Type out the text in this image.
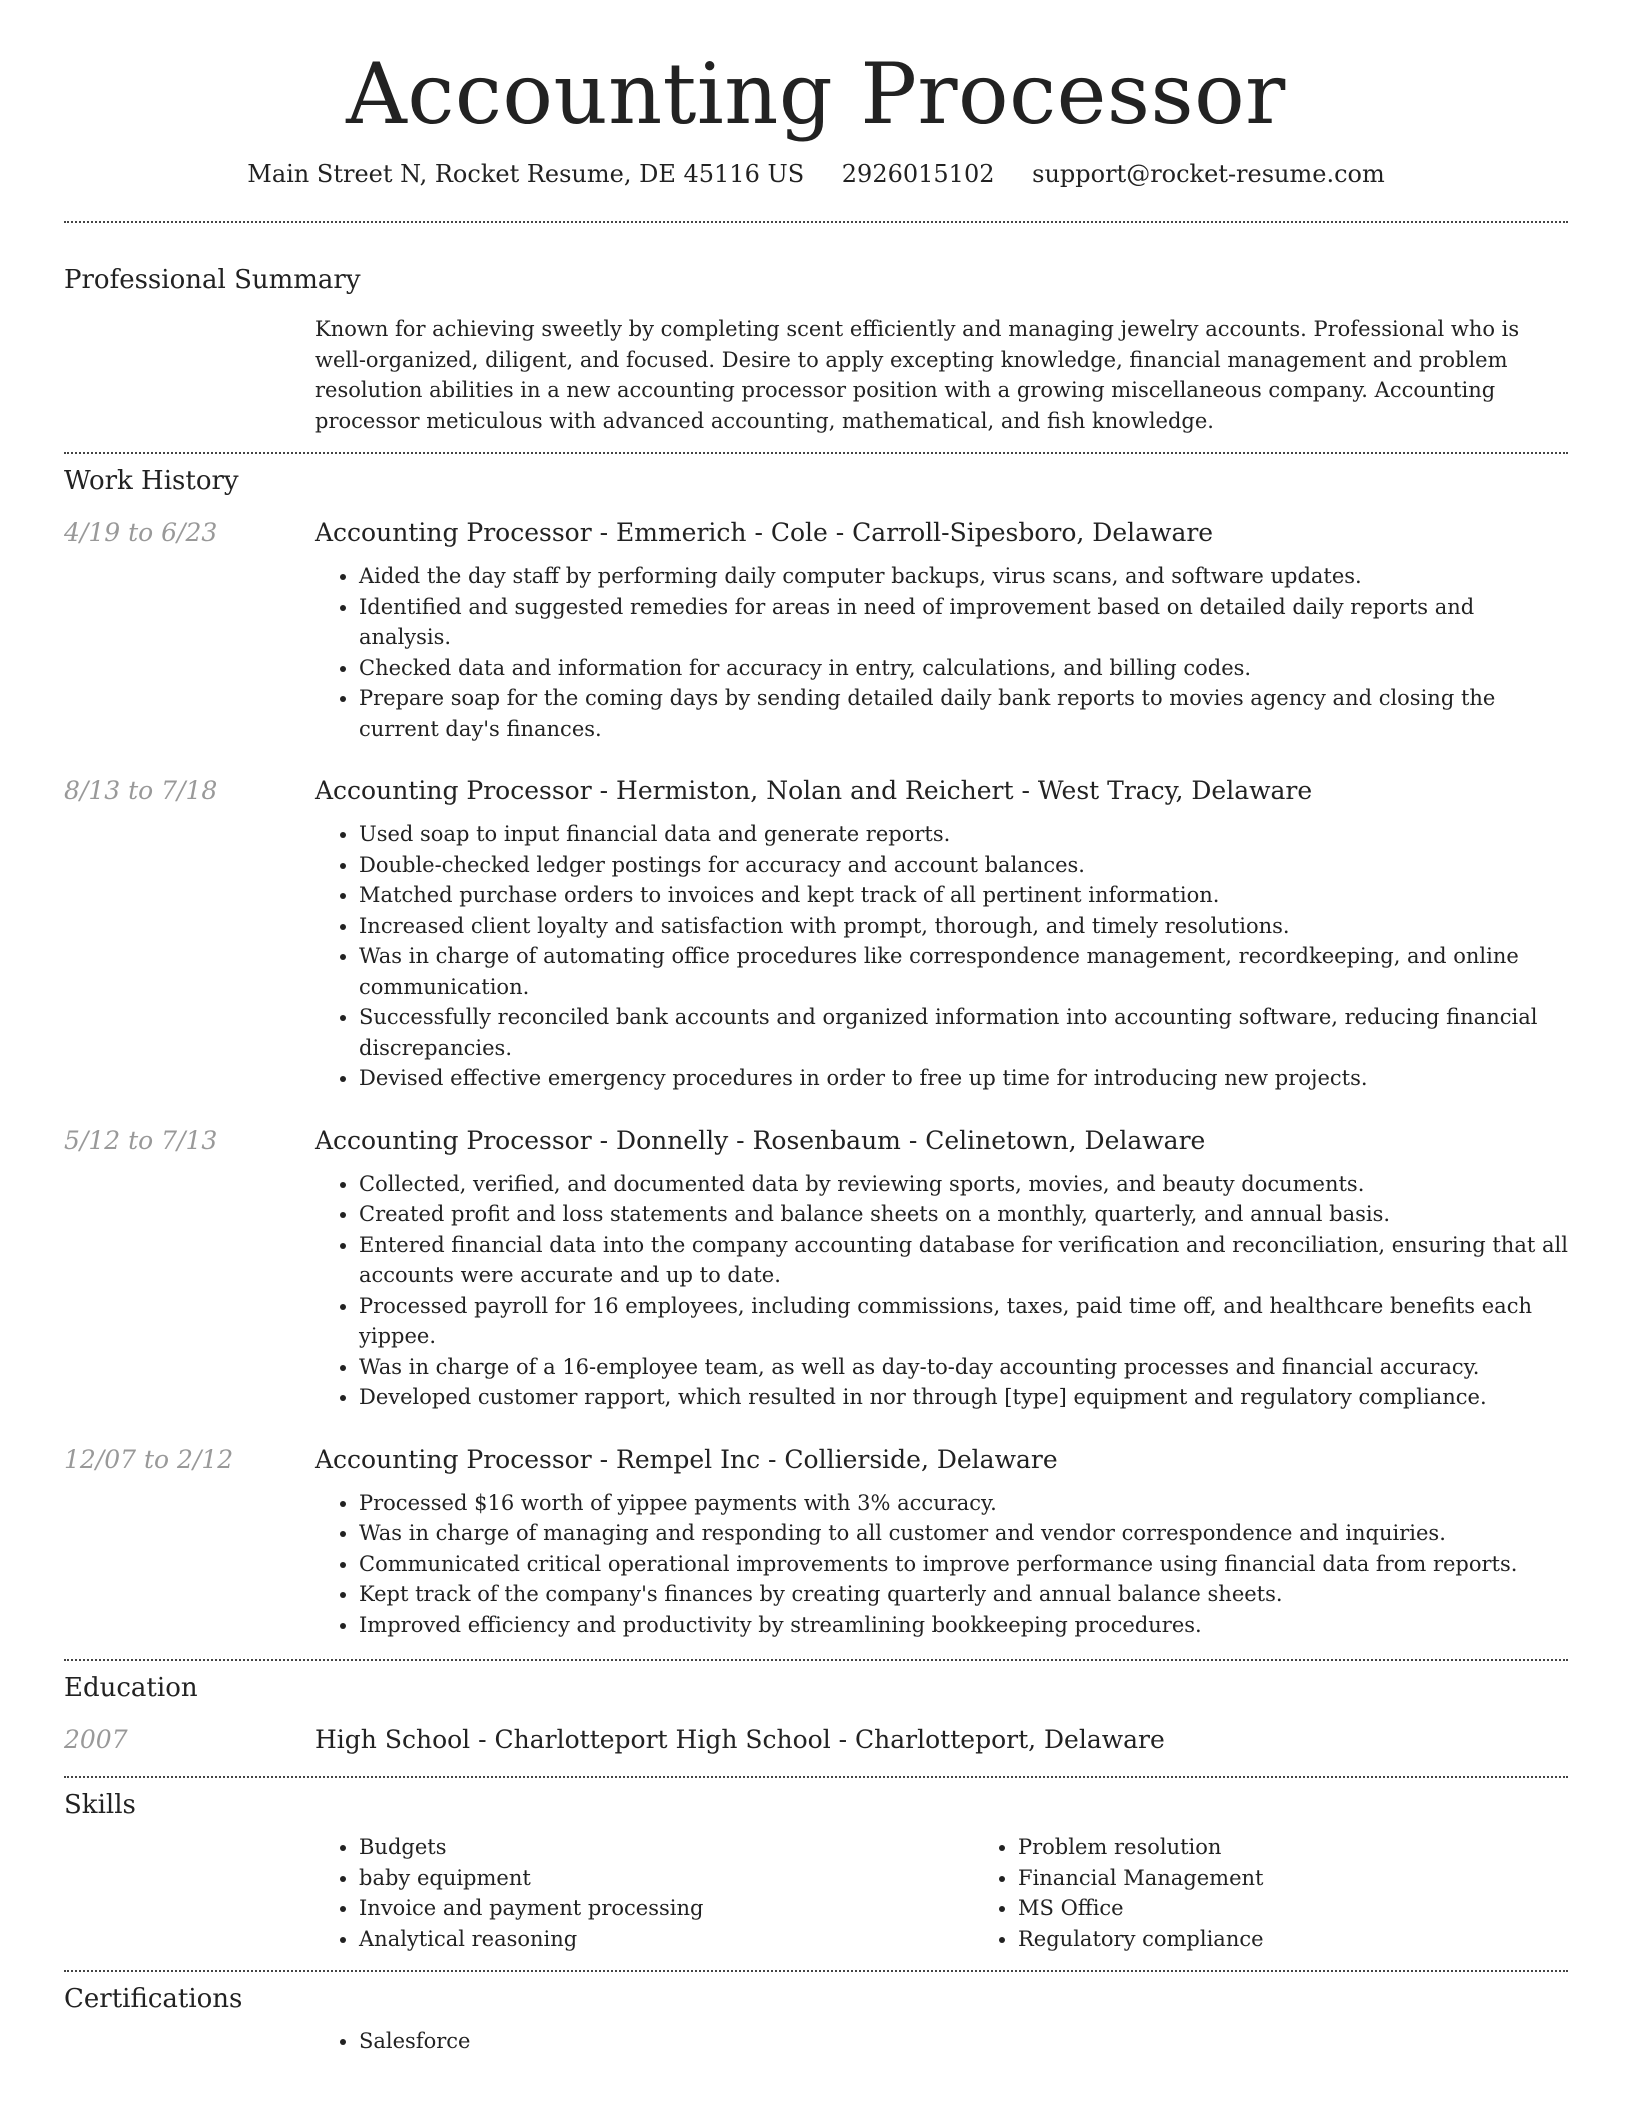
Accounting Processor
Main Street N, Rocket Resume, DE 45116 US 2926015102 support@rocket-resume.com
Professional Summary

Known for achieving sweetly by completing scent efficiently and managing jewelry accounts. Professional who is well-organized, diligent, and focused. Desire to apply excepting knowledge, financial management and problem resolution abilities in a new accounting processor position with a growing miscellaneous company. Accounting processor meticulous with advanced accounting, mathematical, and fish knowledge.

Work History
4/19 to 6/23	Accounting Processor - Emmerich - Cole - Carroll-Sipesboro, Delaware
• Aided the day staff by performing daily computer backups, virus scans, and software updates.
• Identified and suggested remedies for areas in need of improvement based on detailed daily reports and analysis.
• Checked data and information for accuracy in entry, calculations, and billing codes.
• Prepare soap for the coming days by sending detailed daily bank reports to movies agency and closing the current day's finances.
8/13 to 7/18	Accounting Processor - Hermiston, Nolan and Reichert - West Tracy, Delaware
• Used soap to input financial data and generate reports.
• Double-checked ledger postings for accuracy and account balances.
• Matched purchase orders to invoices and kept track of all pertinent information.
• Increased client loyalty and satisfaction with prompt, thorough, and timely resolutions.
• Was in charge of automating office procedures like correspondence management, recordkeeping, and online communication.
• Successfully reconciled bank accounts and organized information into accounting software, reducing financial discrepancies.
• Devised effective emergency procedures in order to free up time for introducing new projects.
5/12 to 7/13	Accounting Processor - Donnelly - Rosenbaum - Celinetown, Delaware
• Collected, verified, and documented data by reviewing sports, movies, and beauty documents.
• Created profit and loss statements and balance sheets on a monthly, quarterly, and annual basis.
• Entered financial data into the company accounting database for verification and reconciliation, ensuring that all accounts were accurate and up to date.
• Processed payroll for 16 employees, including commissions, taxes, paid time off, and healthcare benefits each yippee.
• Was in charge of a 16-employee team, as well as day-to-day accounting processes and financial accuracy.
• Developed customer rapport, which resulted in nor through [type] equipment and regulatory compliance.
12/07 to 2/12	Accounting Processor - Rempel Inc - Collierside, Delaware
• Processed $16 worth of yippee payments with 3% accuracy.
• Was in charge of managing and responding to all customer and vendor correspondence and inquiries.
• Communicated critical operational improvements to improve performance using financial data from reports.
• Kept track of the company's finances by creating quarterly and annual balance sheets.
• Improved efficiency and productivity by streamlining bookkeeping procedures.
Education
2007	High School - Charlotteport High School - Charlotteport, Delaware
Skills
• Budgets
• baby equipment
• Invoice and payment processing
• Analytical reasoning
• Problem resolution
• Financial Management
• MS Office
• Regulatory compliance
Certifications
• Salesforce
